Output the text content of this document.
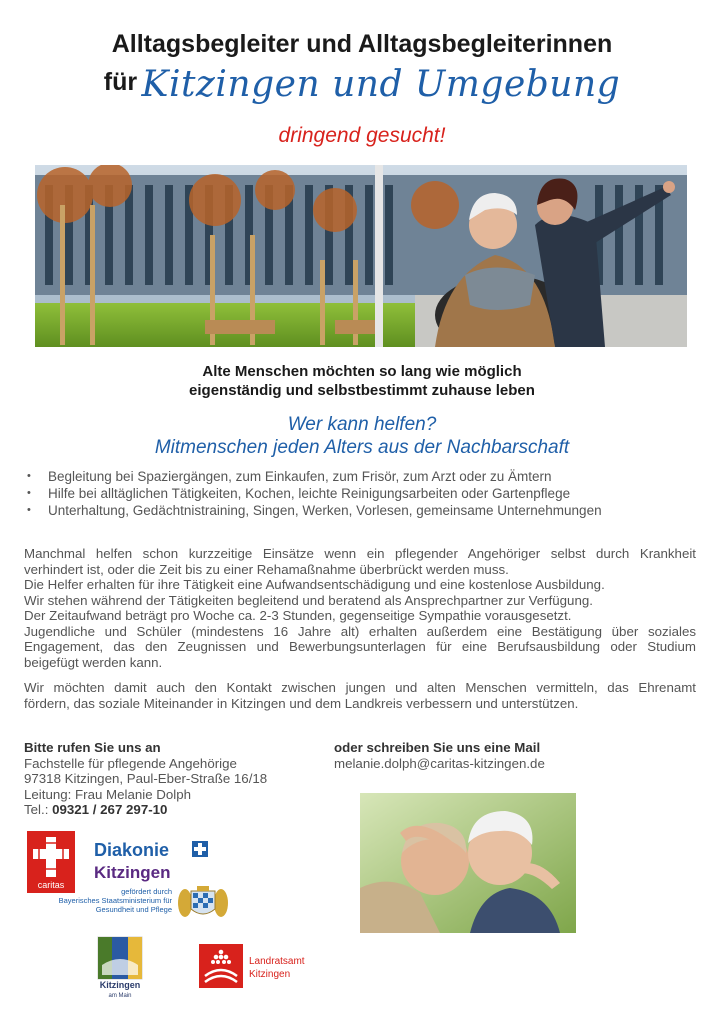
Alltagsbegleiter und Alltagsbegleiterinnen
für Kitzingen und Umgebung
dringend gesucht!
Alte Menschen möchten so lang wie möglich
eigenständig und selbstbestimmt zuhause leben
Wer kann helfen?
Mitmenschen jeden Alters aus der Nachbarschaft
• Begleitung bei Spaziergängen, zum Einkaufen, zum Frisör, zum Arzt oder zu Ämtern
• Hilfe bei alltäglichen Tätigkeiten, Kochen, leichte Reinigungsarbeiten oder Gartenpflege
• Unterhaltung, Gedächtnistraining, Singen, Werken, Vorlesen, gemeinsame Unternehmungen
Manchmal helfen schon kurzzeitige Einsätze wenn ein pflegender Angehöriger selbst durch Krankheit
verhindert ist, oder die Zeit bis zu einer Rehamaßnahme überbrückt werden muss.
Die Helfer erhalten für ihre Tätigkeit eine Aufwandsentschädigung und eine kostenlose Ausbildung.
Wir stehen während der Tätigkeiten begleitend und beratend als Ansprechpartner zur Verfügung.
Der Zeitaufwand beträgt pro Woche ca. 2-3 Stunden, gegenseitige Sympathie vorausgesetzt.
Jugendliche und Schüler (mindestens 16 Jahre alt) erhalten außerdem eine Bestätigung über soziales
Engagement, das den Zeugnissen und Bewerbungsunterlagen für eine Berufsausbildung oder Studium
beigefügt werden kann.
Wir möchten damit auch den Kontakt zwischen jungen und alten Menschen vermitteln, das Ehrenamt
fördern, das soziale Miteinander in Kitzingen und dem Landkreis verbessern und unterstützen.
Bitte rufen Sie uns an
Fachstelle für pflegende Angehörige
97318 Kitzingen, Paul-Eber-Straße 16/18
Leitung: Frau Melanie Dolph
Tel.: 09321 / 267 297-10
oder schreiben Sie uns eine Mail
melanie.dolph@caritas-kitzingen.de
caritas
Diakonie
Kitzingen
gefördert durch
Bayerisches Staatsministerium für
Gesundheit und Pflege
Kitzingen
am Main
Landratsamt
Kitzingen
